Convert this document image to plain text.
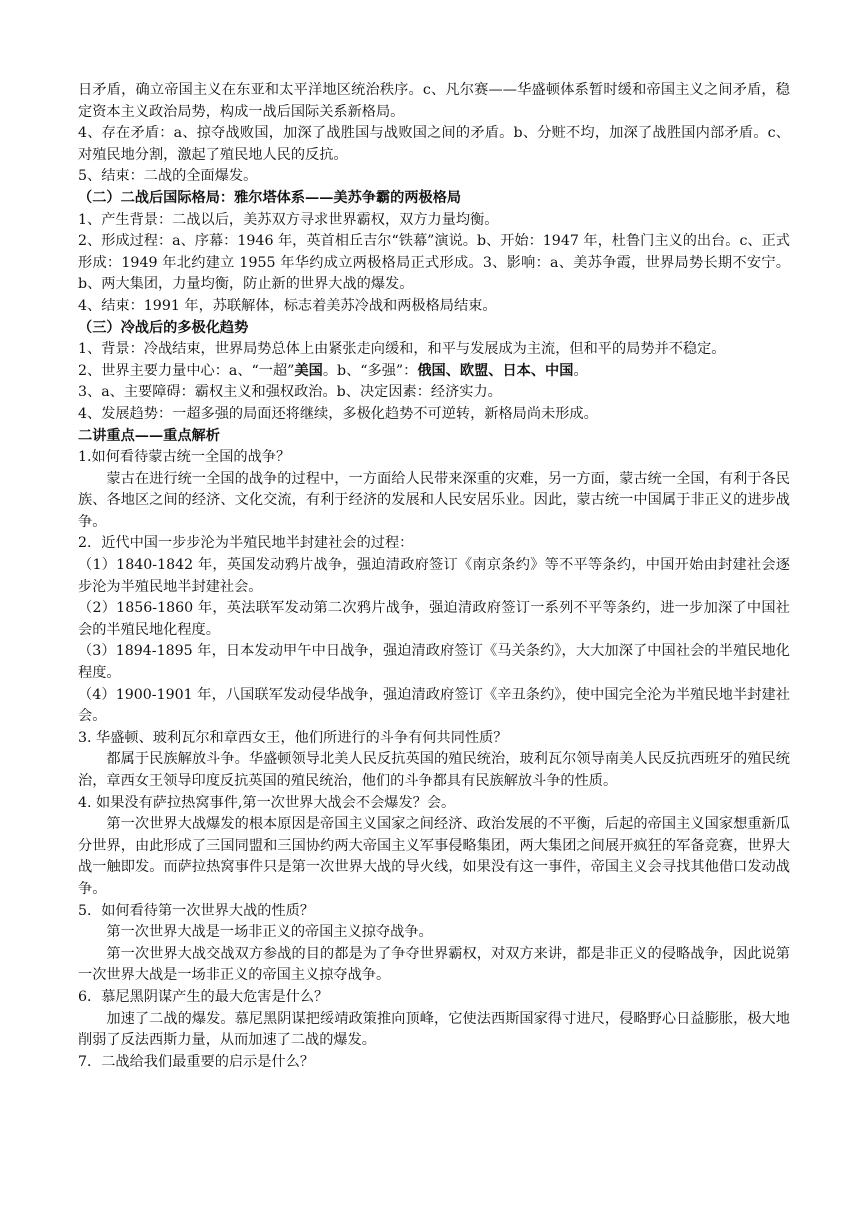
日矛盾，确立帝国主义在东亚和太平洋地区统治秩序。c、凡尔赛——华盛顿体系暂时缓和帝国主义之间矛盾，稳定资本主义政治局势，构成一战后国际关系新格局。

4、存在矛盾：a、掠夺战败国，加深了战胜国与战败国之间的矛盾。b、分赃不均，加深了战胜国内部矛盾。c、对殖民地分割，激起了殖民地人民的反抗。

5、结束：二战的全面爆发。

（二）二战后国际格局：雅尔塔体系——美苏争霸的两极格局

1、产生背景：二战以后，美苏双方寻求世界霸权，双方力量均衡。

2、形成过程：a、序幕：1946 年，英首相丘吉尔“铁幕”演说。b、开始：1947 年，杜鲁门主义的出台。c、正式形成：1949 年北约建立 1955 年华约成立两极格局正式形成。3、影响：a、美苏争霞，世界局势长期不安宁。b、两大集团，力量均衡，防止新的世界大战的爆发。

4、结束：1991 年，苏联解体，标志着美苏冷战和两极格局结束。

（三）冷战后的多极化趋势

1、背景：冷战结束，世界局势总体上由紧张走向缓和，和平与发展成为主流，但和平的局势并不稳定。

2、世界主要力量中心：a、“一超”美国。b、“多强”：俄国、欧盟、日本、中国。

3、a、主要障碍：霸权主义和强权政治。b、决定因素：经济实力。

4、发展趋势：一超多强的局面还将继续，多极化趋势不可逆转，新格局尚未形成。

二讲重点——重点解析

1.如何看待蒙古统一全国的战争？

蒙古在进行统一全国的战争的过程中，一方面给人民带来深重的灾难，另一方面，蒙古统一全国，有利于各民族、各地区之间的经济、文化交流，有利于经济的发展和人民安居乐业。因此，蒙古统一中国属于非正义的进步战争。

2．近代中国一步步沦为半殖民地半封建社会的过程：

（1）1840-1842 年，英国发动鸦片战争，强迫清政府签订《南京条约》等不平等条约，中国开始由封建社会逐步沦为半殖民地半封建社会。

（2）1856-1860 年，英法联军发动第二次鸦片战争，强迫清政府签订一系列不平等条约，进一步加深了中国社会的半殖民地化程度。

（3）1894-1895 年，日本发动甲午中日战争，强迫清政府签订《马关条约》，大大加深了中国社会的半殖民地化程度。

（4）1900-1901 年，八国联军发动侵华战争，强迫清政府签订《辛丑条约》，使中国完全沦为半殖民地半封建社会。

3. 华盛顿、玻利瓦尔和章西女王，他们所进行的斗争有何共同性质？

都属于民族解放斗争。华盛顿领导北美人民反抗英国的殖民统治，玻利瓦尔领导南美人民反抗西班牙的殖民统治，章西女王领导印度反抗英国的殖民统治，他们的斗争都具有民族解放斗争的性质。

4. 如果没有萨拉热窝事件,第一次世界大战会不会爆发？会。

第一次世界大战爆发的根本原因是帝国主义国家之间经济、政治发展的不平衡，后起的帝国主义国家想重新瓜分世界，由此形成了三国同盟和三国协约两大帝国主义军事侵略集团，两大集团之间展开疯狂的军备竞赛，世界大战一触即发。而萨拉热窝事件只是第一次世界大战的导火线，如果没有这一事件，帝国主义会寻找其他借口发动战争。

5．如何看待第一次世界大战的性质？

第一次世界大战是一场非正义的帝国主义掠夺战争。

第一次世界大战交战双方参战的目的都是为了争夺世界霸权，对双方来讲，都是非正义的侵略战争，因此说第一次世界大战是一场非正义的帝国主义掠夺战争。

6．慕尼黑阴谋产生的最大危害是什么？

加速了二战的爆发。慕尼黑阴谋把绥靖政策推向顶峰，它使法西斯国家得寸进尺，侵略野心日益膨胀，极大地削弱了反法西斯力量，从而加速了二战的爆发。

7．二战给我们最重要的启示是什么？
